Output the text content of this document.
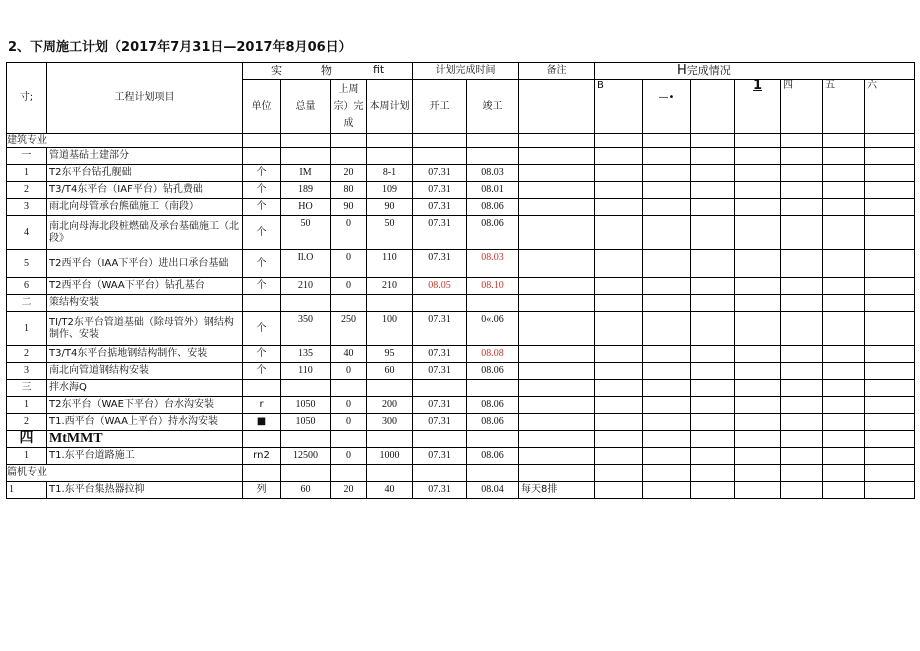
2、下周施工计划（2017年7月31日—2017年8月06日）
寸;	工程计划项目	实 物 fit				计划完成时间		备注	H完成情况						
		单位	总量	上周宗）完成	本周计划	开工	竣工		B	—•		1	四	五	六
建筑专业															
一	管道基砧土建部分														
1	T2东平台钻孔舰础	个	IM	20	8-1	07.31	08.03								
2	T3/T4东平台（IAF平台）钻孔费础	个	189	80	109	07.31	08.01								
3	雨北向母管承台熊础施工（南段）	个	HO	90	90	07.31	08.06								
4	南北向母海北段桩燃础及承台基础施工（北段》	个	50	0	50	07.31	08.06								
5	T2西平台（IAA下平台）进出口承台基础	个	Il.O	0	110	07.31	08.03								
6	T2西平台（WAA下平台）钻孔基台	个	210	0	210	08.05	08.10								
二	策结构安装														
1	TI/T2东平台管道基础（除母管外）钢结构制作、安装	个	350	250	100	07.31	0«.06								
2	T3/T4东平台掂地钢结构制作、安装	个	135	40	95	07.31	08.08								
3	南北向管道钢结构安装	个	110	0	60	07.31	08.06								
三	拌水海Q														
1	T2东平台（WAE下平台）台水沟安装	r	1050	0	200	07.31	08.06								
2	T1.西平台（WAA上平台）持水沟安装	■	1050	0	300	07.31	08.06								
四	MtMMT														
1	T1.东平台道路施工	rn2	12500	0	1000	07.31	08.06								
篇机专业															
1	T1.东平台集热器拉抑	列	60	20	40	07.31	08.04	每天8排							
